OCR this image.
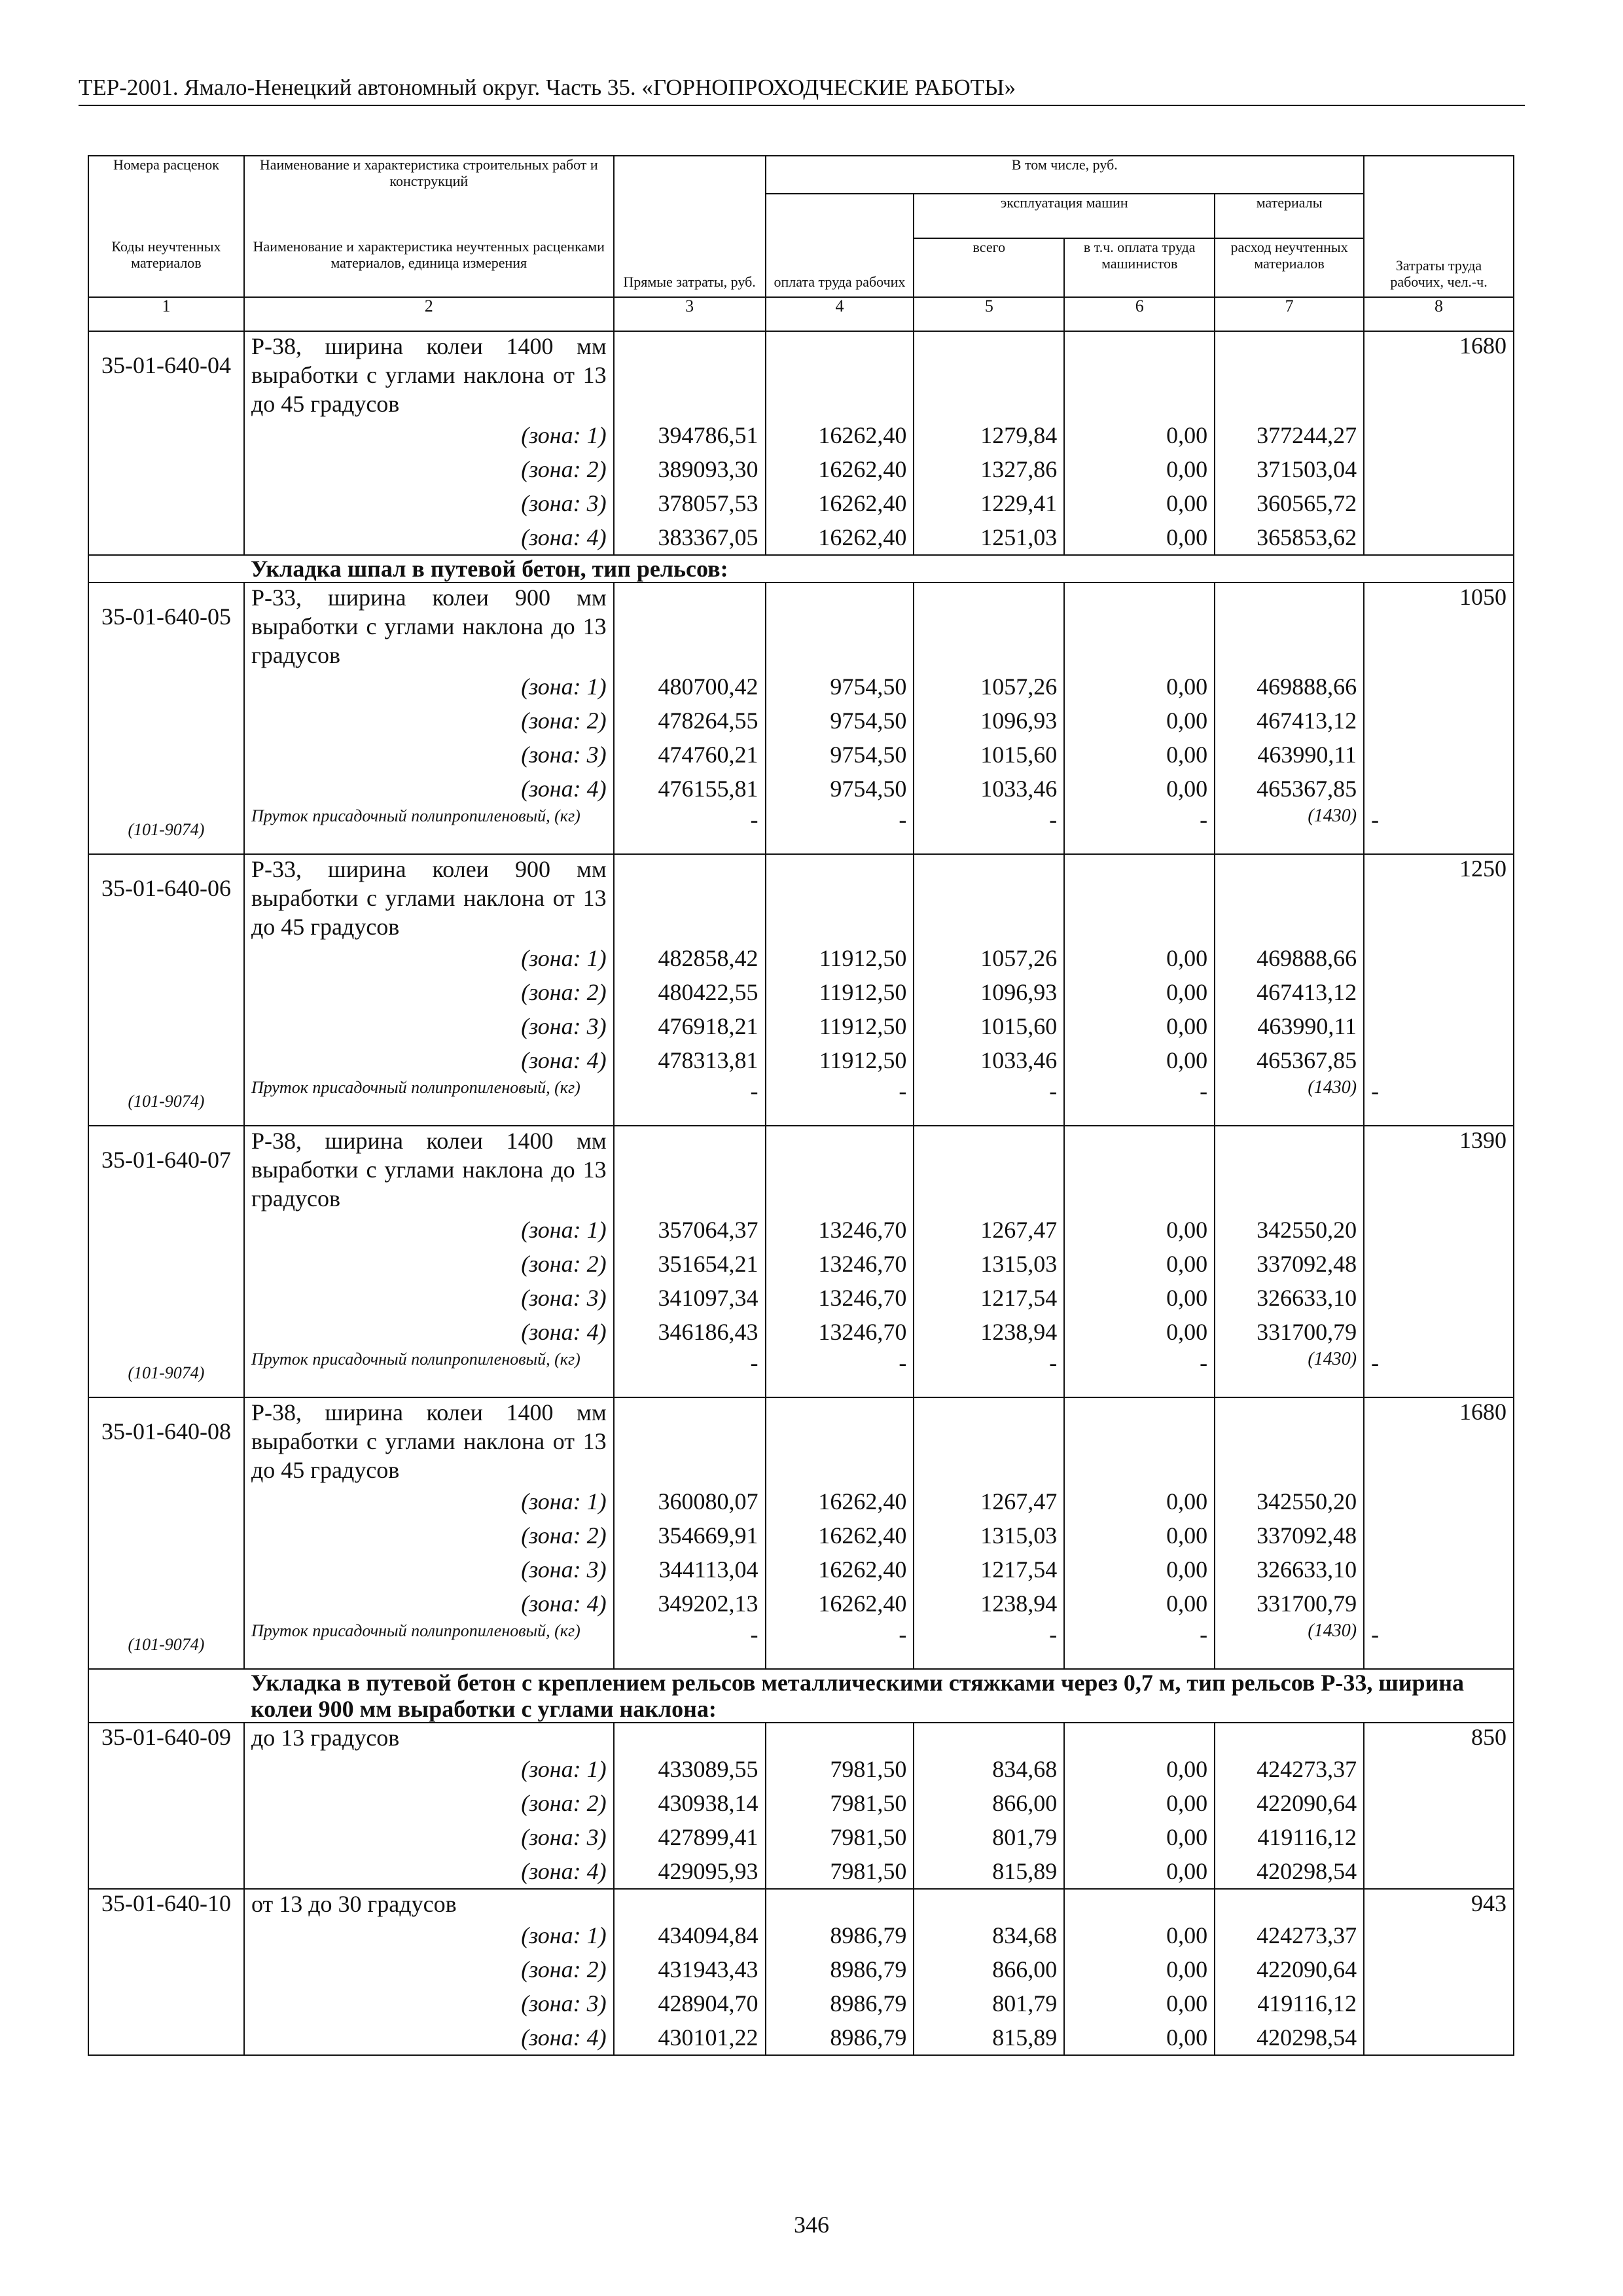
ТЕР-2001. Ямало-Ненецкий автономный округ. Часть 35. «ГОРНОПРОХОДЧЕСКИЕ РАБОТЫ»
Номера расценок	Наименование и характеристика строительных работ и конструкций	Прямые затраты, руб.	В том числе, руб.				Затраты труда рабочих, чел.-ч.
			оплата труда рабочих	эксплуатация машин		материалы	
Коды неучтенных материалов	Наименование и характеристика неучтенных расценками материалов, единица измерения			всего	в т.ч. оплата труда машинистов	расход неучтенных материалов	
1	2	3	4	5	6	7	8
35-01-640-04	Р-38, ширина колеи 1400 мм выработки с углами наклона от 13 до 45 градусов						1680
	(зона: 1)	394786,51	16262,40	1279,84	0,00	377244,27	
	(зона: 2)	389093,30	16262,40	1327,86	0,00	371503,04	
	(зона: 3)	378057,53	16262,40	1229,41	0,00	360565,72	
	(зона: 4)	383367,05	16262,40	1251,03	0,00	365853,62	
	Укладка шпал в путевой бетон, тип рельсов:						
35-01-640-05	Р-33, ширина колеи 900 мм выработки с углами наклона до 13 градусов						1050
	(зона: 1)	480700,42	9754,50	1057,26	0,00	469888,66	
	(зона: 2)	478264,55	9754,50	1096,93	0,00	467413,12	
	(зона: 3)	474760,21	9754,50	1015,60	0,00	463990,11	
	(зона: 4)	476155,81	9754,50	1033,46	0,00	465367,85	
(101-9074)	Пруток присадочный полипропиленовый, (кг)	-	-	-	-	(1430)	-
35-01-640-06	Р-33, ширина колеи 900 мм выработки с углами наклона от 13 до 45 градусов						1250
	(зона: 1)	482858,42	11912,50	1057,26	0,00	469888,66	
	(зона: 2)	480422,55	11912,50	1096,93	0,00	467413,12	
	(зона: 3)	476918,21	11912,50	1015,60	0,00	463990,11	
	(зона: 4)	478313,81	11912,50	1033,46	0,00	465367,85	
(101-9074)	Пруток присадочный полипропиленовый, (кг)	-	-	-	-	(1430)	-
35-01-640-07	Р-38, ширина колеи 1400 мм выработки с углами наклона до 13 градусов						1390
	(зона: 1)	357064,37	13246,70	1267,47	0,00	342550,20	
	(зона: 2)	351654,21	13246,70	1315,03	0,00	337092,48	
	(зона: 3)	341097,34	13246,70	1217,54	0,00	326633,10	
	(зона: 4)	346186,43	13246,70	1238,94	0,00	331700,79	
(101-9074)	Пруток присадочный полипропиленовый, (кг)	-	-	-	-	(1430)	-
35-01-640-08	Р-38, ширина колеи 1400 мм выработки с углами наклона от 13 до 45 градусов						1680
	(зона: 1)	360080,07	16262,40	1267,47	0,00	342550,20	
	(зона: 2)	354669,91	16262,40	1315,03	0,00	337092,48	
	(зона: 3)	344113,04	16262,40	1217,54	0,00	326633,10	
	(зона: 4)	349202,13	16262,40	1238,94	0,00	331700,79	
(101-9074)	Пруток присадочный полипропиленовый, (кг)	-	-	-	-	(1430)	-
	Укладка в путевой бетон с креплением рельсов металлическими стяжками через 0,7 м, тип рельсов Р-33, ширина колеи 900 мм выработки с углами наклона:						
35-01-640-09	до 13 градусов						850
	(зона: 1)	433089,55	7981,50	834,68	0,00	424273,37	
	(зона: 2)	430938,14	7981,50	866,00	0,00	422090,64	
	(зона: 3)	427899,41	7981,50	801,79	0,00	419116,12	
	(зона: 4)	429095,93	7981,50	815,89	0,00	420298,54	
35-01-640-10	от 13 до 30 градусов						943
	(зона: 1)	434094,84	8986,79	834,68	0,00	424273,37	
	(зона: 2)	431943,43	8986,79	866,00	0,00	422090,64	
	(зона: 3)	428904,70	8986,79	801,79	0,00	419116,12	
	(зона: 4)	430101,22	8986,79	815,89	0,00	420298,54	
346
